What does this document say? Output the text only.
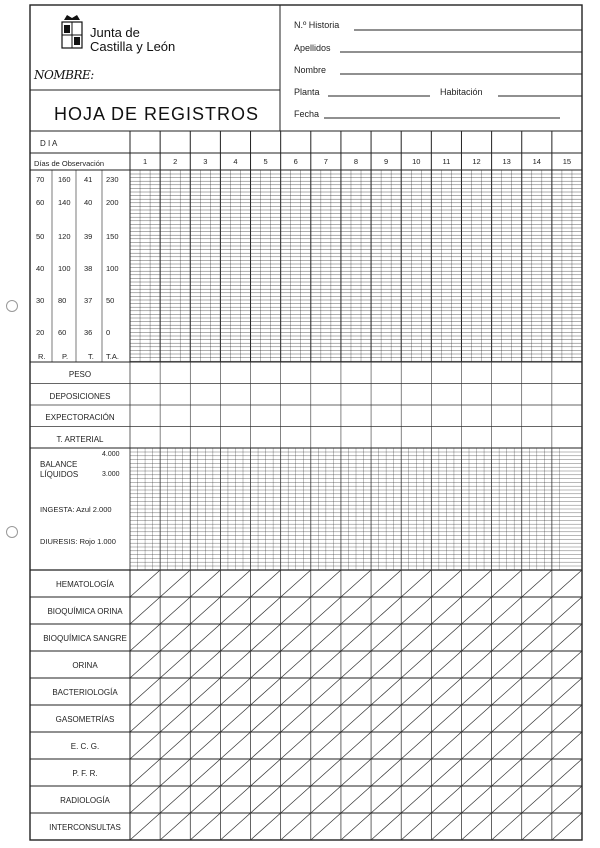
Junta de
Castilla y León
NOMBRE:
HOJA DE REGISTROS
N.º Historia
Apellidos
Nombre
Planta	Habitación
Fecha
D I A
Días de Observación	1	2	3	4	5	6	7	8	9	10	11	12	13	14	15
70 160 41 230
60 140 40 200
50 120 39 150
40 100 38 100
30 80 37 50
20 60 36 0
R. P.	T. T.A.
PESO
DEPOSICIONES
EXPECTORACIÓN
T. ARTERIAL
BALANCE
LÍQUIDOS
4.000
3.000
INGESTA: Azul 2.000
DIURESIS: Rojo 1.000
HEMATOLOGÍA
BIOQUÍMICA ORINA
BIOQUÍMICA SANGRE
ORINA
BACTERIOLOGÍA
GASOMETRÍAS
E. C. G.
P. F. R.
RADIOLOGÍA
INTERCONSULTAS
